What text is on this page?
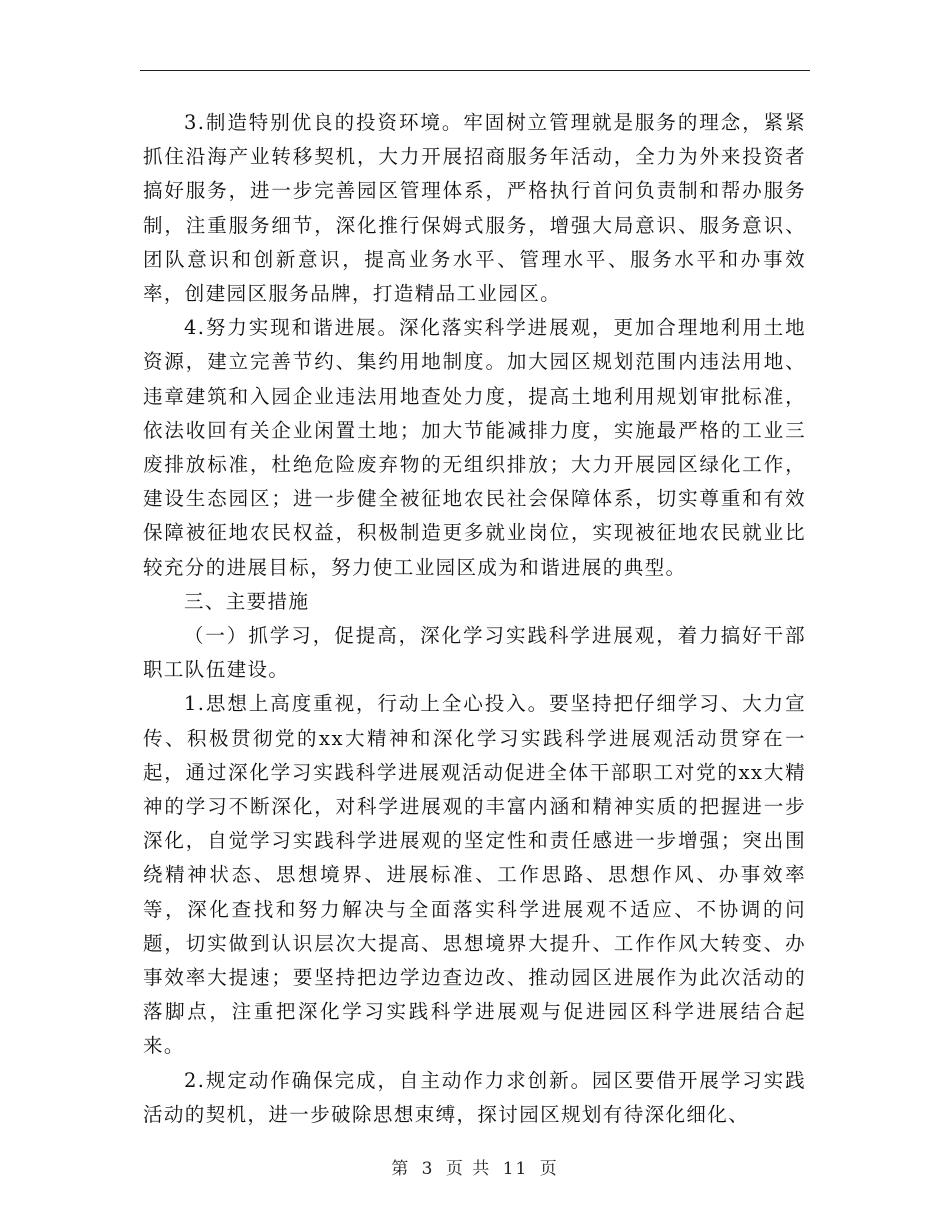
3.制造特别优良的投资环境。牢固树立管理就是服务的理念，紧紧抓住沿海产业转移契机，大力开展招商服务年活动，全力为外来投资者搞好服务，进一步完善园区管理体系，严格执行首问负责制和帮办服务制，注重服务细节，深化推行保姆式服务，增强大局意识、服务意识、团队意识和创新意识，提高业务水平、管理水平、服务水平和办事效率，创建园区服务品牌，打造精品工业园区。

4.努力实现和谐进展。深化落实科学进展观，更加合理地利用土地资源，建立完善节约、集约用地制度。加大园区规划范围内违法用地、违章建筑和入园企业违法用地查处力度，提高土地利用规划审批标准，依法收回有关企业闲置土地；加大节能减排力度，实施最严格的工业三废排放标准，杜绝危险废弃物的无组织排放；大力开展园区绿化工作，建设生态园区；进一步健全被征地农民社会保障体系，切实尊重和有效保障被征地农民权益，积极制造更多就业岗位，实现被征地农民就业比较充分的进展目标，努力使工业园区成为和谐进展的典型。

三、主要措施

（一）抓学习，促提高，深化学习实践科学进展观，着力搞好干部职工队伍建设。

1.思想上高度重视，行动上全心投入。要坚持把仔细学习、大力宣传、积极贯彻党的xx大精神和深化学习实践科学进展观活动贯穿在一起，通过深化学习实践科学进展观活动促进全体干部职工对党的xx大精神的学习不断深化，对科学进展观的丰富内涵和精神实质的把握进一步深化，自觉学习实践科学进展观的坚定性和责任感进一步增强；突出围绕精神状态、思想境界、进展标准、工作思路、思想作风、办事效率等，深化查找和努力解决与全面落实科学进展观不适应、不协调的问题，切实做到认识层次大提高、思想境界大提升、工作作风大转变、办事效率大提速；要坚持把边学边查边改、推动园区进展作为此次活动的落脚点，注重把深化学习实践科学进展观与促进园区科学进展结合起来。

2.规定动作确保完成，自主动作力求创新。园区要借开展学习实践活动的契机，进一步破除思想束缚，探讨园区规划有待深化细化、

第 3 页 共 11 页
